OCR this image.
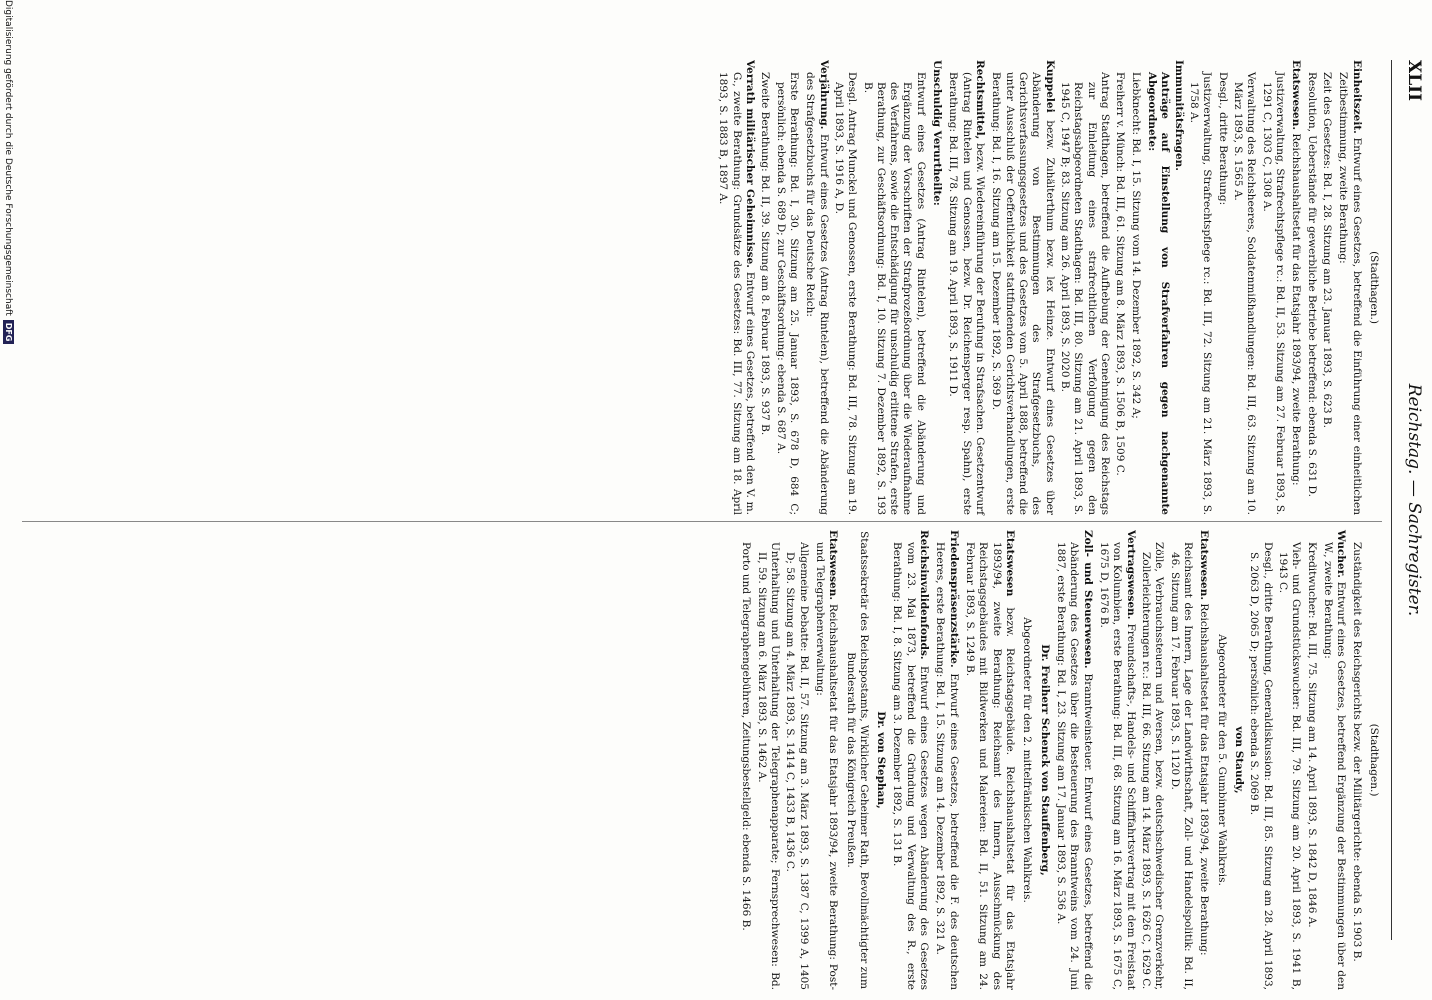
XLII
Reichstag. — Sachregister.
(Stadthagen.)

Einheitszeit. Entwurf eines Gesetzes, betreffend die Einführung einer einheitlichen Zeitbestimmung, zweite Berathung:

Zeit des Gesetzes: Bd. I, 28. Sitzung am 23. Januar 1893, S. 623 B.

Resolution, Ueberstände für gewerbliche Betriebe betreffend: ebenda S. 631 D.

Etatswesen. Reichshaushaltsetat für das Etatsjahr 1893/94, zweite Berathung:

Justizverwaltung, Strafrechtspflege rc.: Bd. II, 53. Sitzung am 27. Februar 1893, S. 1291 C, 1303 C, 1308 A.

Verwaltung des Reichsheeres, Soldatenmißhandlungen: Bd. III, 63. Sitzung am 10. März 1893, S. 1565 A.

Desgl., dritte Berathung:

Justizverwaltung, Strafrechtspflege rc.: Bd. III, 72. Sitzung am 21. März 1893, S. 1758 A.

Immunitätsfragen.
Anträge auf Einstellung von Strafverfahren gegen nachgenannte Abgeordnete:

Liebknecht: Bd. I, 15. Sitzung vom 14. Dezember 1892, S. 342 A;

Freiherr v. Münch: Bd. III, 61. Sitzung am 8. März 1893, S. 1506 B, 1509 C.

Antrag Stadthagen, betreffend die Aufhebung der Genehmigung des Reichstags zur Einleitung eines strafrechtlichen Verfolgung gegen den Reichstagsabgeordneten Stadthagen: Bd. III, 80. Sitzung am 21. April 1893, S. 1945 C, 1947 B; 83. Sitzung am 26. April 1893, S. 2020 B.

Kuppelei bezw. Zuhälterthum bezw. lex Heinze. Entwurf eines Gesetzes über Abänderung von Bestimmungen des Strafgesetzbuchs, des Gerichtsverfassungsgesetzes und des Gesetzes vom 5. April 1888, betreffend die unter Ausschluß der Oeffentlichkeit stattfindenden Gerichtsverhandlungen, erste Berathung: Bd. I, 16. Sitzung am 15. Dezember 1892, S. 369 D.

Rechtsmittel, bezw. Wiedereinführung der Berufung in Strafsachen. Gesetzentwurf (Antrag Rintelen und Genossen, bezw. Dr. Reichensperger resp. Spahn), erste Berathung: Bd. III, 78. Sitzung am 19. April 1893, S. 1911 D.

Unschuldig Verurtheilte:

Entwurf eines Gesetzes (Antrag Rintelen), betreffend die Abänderung und Ergänzung der Vorschriften der Strafprozeßordnung über die Wiederaufnahme des Verfahrens, sowie die Entschädigung für unschuldig erlittene Strafen, erste Berathung, zur Geschäftsordnung: Bd. I, 10. Sitzung 7. Dezember 1892, S. 193 B.

Desgl. Antrag Munckel und Genossen, erste Berathung: Bd. III, 78. Sitzung am 19. April 1893, S. 1916 A, D.

Verjährung. Entwurf eines Gesetzes (Antrag Rintelen), betreffend die Abänderung des Strafgesetzbuchs für das Deutsche Reich:

Erste Berathung: Bd. I, 30. Sitzung am 25. Januar 1893, S. 678 D, 684 C; persönlich: ebenda S. 689 D; zur Geschäftsordnung: ebenda S. 687 A.

Zweite Berathung: Bd. II, 39. Sitzung am 8. Februar 1893, S. 937 B.

Verrath militärischer Geheimnisse. Entwurf eines Gesetzes, betreffend den V. m. G., zweite Berathung: Grundsätze des Gesetzes: Bd. III, 77. Sitzung am 18. April 1893, S. 1883 B, 1897 A.

(Stadthagen.)

Zuständigkeit des Reichsgerichts bezw. der Militärgerichte: ebenda S. 1903 B.

Wucher. Entwurf eines Gesetzes, betreffend Ergänzung der Bestimmungen über den W., zweite Berathung:

Kreditwucher: Bd. III, 75. Sitzung am 14. April 1893, S. 1842 D, 1846 A.

Vieh- und Grundstückswucher: Bd. III, 79. Sitzung am 20. April 1893, S. 1941 B, 1943 C.

Desgl., dritte Berathung, Generaldiskussion: Bd. III, 85. Sitzung am 28. April 1893, S. 2063 D, 2065 D; persönlich: ebenda S. 2069 B.

von Staudy,
Abgeordneter für den 5. Gumbinner Wahlkreis.

Etatswesen. Reichshaushaltsetat für das Etatsjahr 1893/94, zweite Berathung:

Reichsamt des Innern, Lage der Landwirthschaft, Zoll- und Handelspolitik: Bd. II, 46. Sitzung am 17. Februar 1893, S. 1120 D.

Zölle, Verbrauchssteuern und Aversen, bezw. deutschschwedischer Grenzverkehr, Zollerleichterungen rc.: Bd. III, 66. Sitzung am 14. März 1893, S. 1626 C, 1629 C.

Vertragswesen. Freundschafts-, Handels- und Schifffahrtsvertrag mit dem Freistaat von Kolumbien, erste Berathung: Bd. III, 68. Sitzung am 16. März 1893, S. 1675 C, 1675 D, 1676 B.

Zoll- und Steuerwesen. Branntweinsteuer. Entwurf eines Gesetzes, betreffend die Abänderung des Gesetzes über die Besteuerung des Branntweins vom 24. Juni 1887, erste Berathung: Bd. I, 23. Sitzung am 17. Januar 1893, S. 536 A.

Dr. Freiherr Schenck von Stauffenberg,
Abgeordneter für den 2. mittelfränkischen Wahlkreis.

Etatswesen bezw. Reichstagsgebäude. Reichshaushaltsetat für das Etatsjahr 1893/94, zweite Berathung: Reichsamt des Innern, Ausschmückung des Reichstagsgebäudes mit Bildwerken und Malereien: Bd. II, 51. Sitzung am 24. Februar 1893, S. 1249 B.

Friedenspräsenzstärke. Entwurf eines Gesetzes, betreffend die F. des deutschen Heeres, erste Berathung: Bd. I, 15. Sitzung am 14. Dezember 1892, S. 321 A.

Reichsinvalidenfonds. Entwurf eines Gesetzes wegen Abänderung des Gesetzes vom 23. Mai 1873, betreffend die Gründung und Verwaltung des R., erste Berathung: Bd. I, 8. Sitzung am 3. Dezember 1892, S. 131 B.

Dr. von Stephan,
Staatssekretär des Reichspostamts, Wirklicher Geheimer Rath, Bevollmächtigter zum Bundesrath für das Königreich Preußen.

Etatswesen. Reichshaushaltsetat für das Etatsjahr 1893/94, zweite Berathung: Post- und Telegraphenverwaltung:

Allgemeine Debatte: Bd. II, 57. Sitzung am 3. März 1893, S. 1387 C, 1399 A, 1405 D; 58. Sitzung am 4. März 1893, S. 1414 C, 1433 B, 1436 C.

Unterhaltung und Unterhaltung der Telegraphenapparate; Fernsprechwesen: Bd. II, 59. Sitzung am 6. März 1893, S. 1462 A.

Porto und Telegraphengebühren, Zeitungsbestellgeld: ebenda S. 1466 B.

Digitalisierung gefördert durch die Deutsche ForschungsgemeinschaftDFG
